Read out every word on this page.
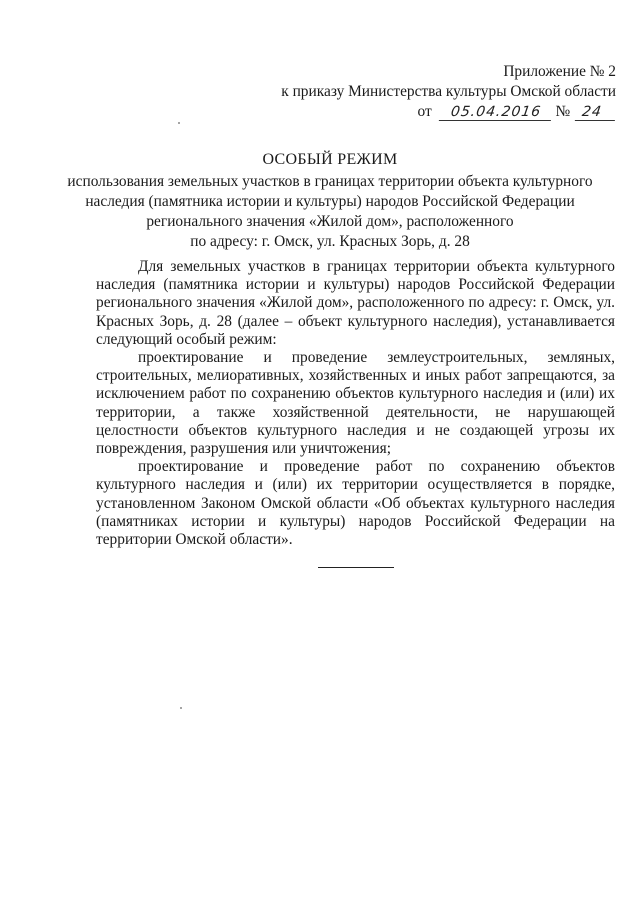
Приложение № 2
к приказу Министерства культуры Омской области
от 05.04.2016 № 24
ОСОБЫЙ РЕЖИМ
использования земельных участков в границах территории объекта культурного
наследия (памятника истории и культуры) народов Российской Федерации
регионального значения «Жилой дом», расположенного
по адресу: г. Омск, ул. Красных Зорь, д. 28

Для земельных участков в границах территории объекта культурного наследия (памятника истории и культуры) народов Российской Федерации регионального значения «Жилой дом», расположенного по адресу: г. Омск, ул. Красных Зорь, д. 28 (далее – объект культурного наследия), устанавливается следующий особый режим:

проектирование и проведение землеустроительных, земляных, строительных, мелиоративных, хозяйственных и иных работ запрещаются, за исключением работ по сохранению объектов культурного наследия и (или) их территории, а также хозяйственной деятельности, не нарушающей целостности объектов культурного наследия и не создающей угрозы их повреждения, разрушения или уничтожения;

проектирование и проведение работ по сохранению объектов культурного наследия и (или) их территории осуществляется в порядке, установленном Законом Омской области «Об объектах культурного наследия (памятниках истории и культуры) народов Российской Федерации на территории Омской области».
